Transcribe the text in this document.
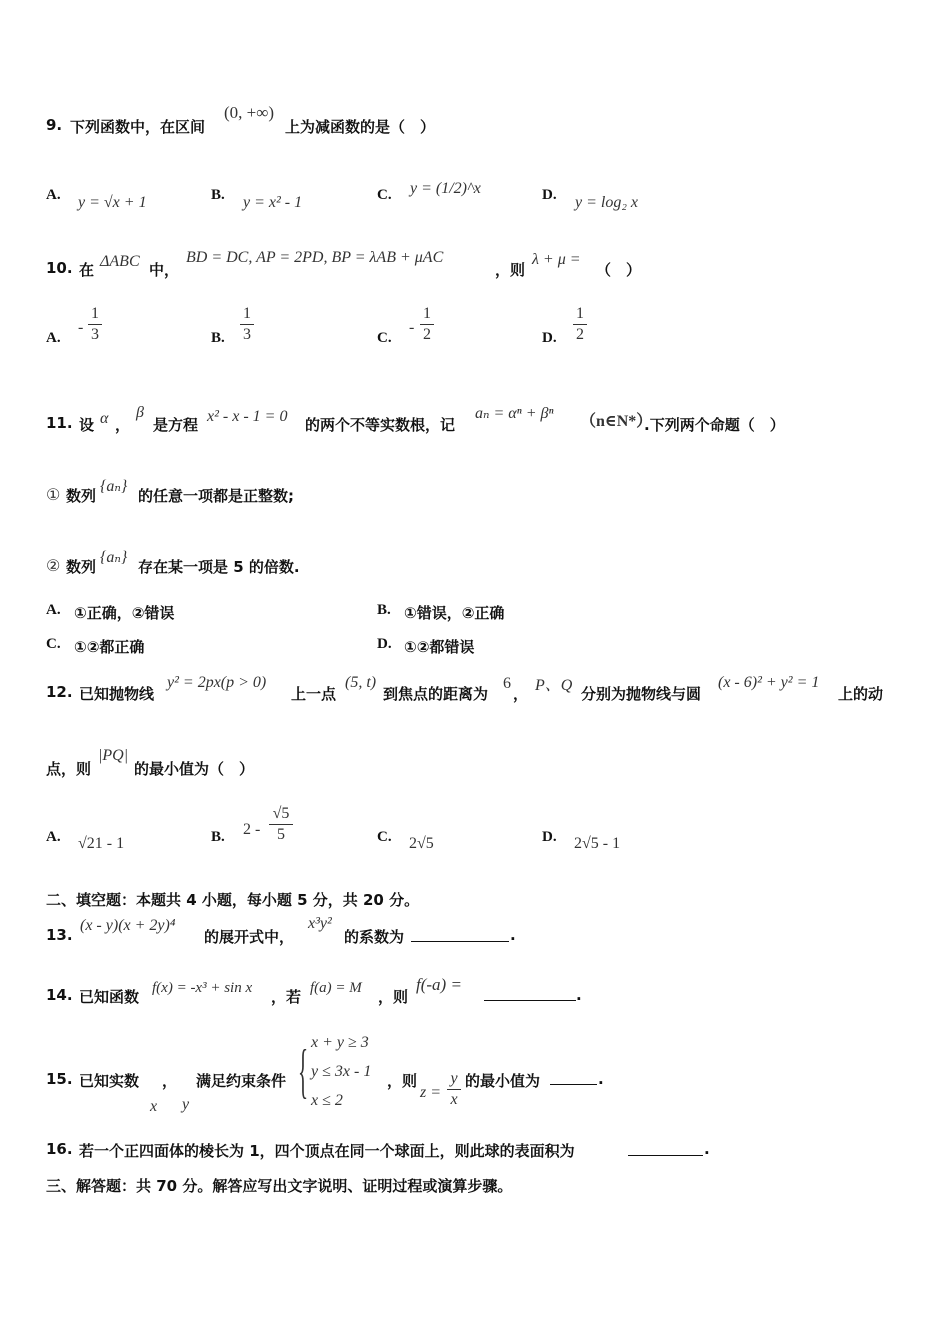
9. 下列函数中，在区间
(0, +∞)
上为减函数的是（　）
A. y = √x + 1	B. y = x² - 1	C. y = (1/2)^x	D. y = log₂ x
10. 在 ΔABC 中，
BD = DC, AP = 2PD, BP = λAB + μAC
，则
λ + μ =
（　）
A.
-
1
3	B.
1
3	C.
-
1
2	D.
1
2
11. 设 α ，
β
是方程 x² - x - 1 = 0 的两个不等实数根，记
aₙ = αⁿ + βⁿ （n∈N*）
.下列两个命题（　）
① 数列
{aₙ}
的任意一项都是正整数;
② 数列
{aₙ}
存在某一项是 5 的倍数.
A. ①正确，②错误	B. ①错误，②正确
C. ①②都正确	D. ①②都错误
12. 已知抛物线
y² = 2px(p > 0)
上一点
(5, t)
到焦点的距离为
6
， P、Q 分别为抛物线与圆
(x - 6)² + y² = 1
上的动
点，则
|PQ|
的最小值为（　）
A. √21 - 1	B. 2 -
√5
5	C. 2√5	D. 2√5 - 1
二、填空题：本题共 4 小题，每小题 5 分，共 20 分。
13.
(x - y)(x + 2y)⁴
的展开式中，
x³y²
的系数为	.
14. 已知函数 f(x) = -x³ + sin x ，若 f(a) = M ，则
f(-a) =
.
15. 已知实数 ， 满足约束条件
x y
{ x + y ≥ 3
y ≤ 3x - 1
x ≤ 2
，则
z =
y
x
的最小值为	.
16. 若一个正四面体的棱长为 1，四个顶点在同一个球面上，则此球的表面积为	.
三、解答题：共 70 分。解答应写出文字说明、证明过程或演算步骤。
